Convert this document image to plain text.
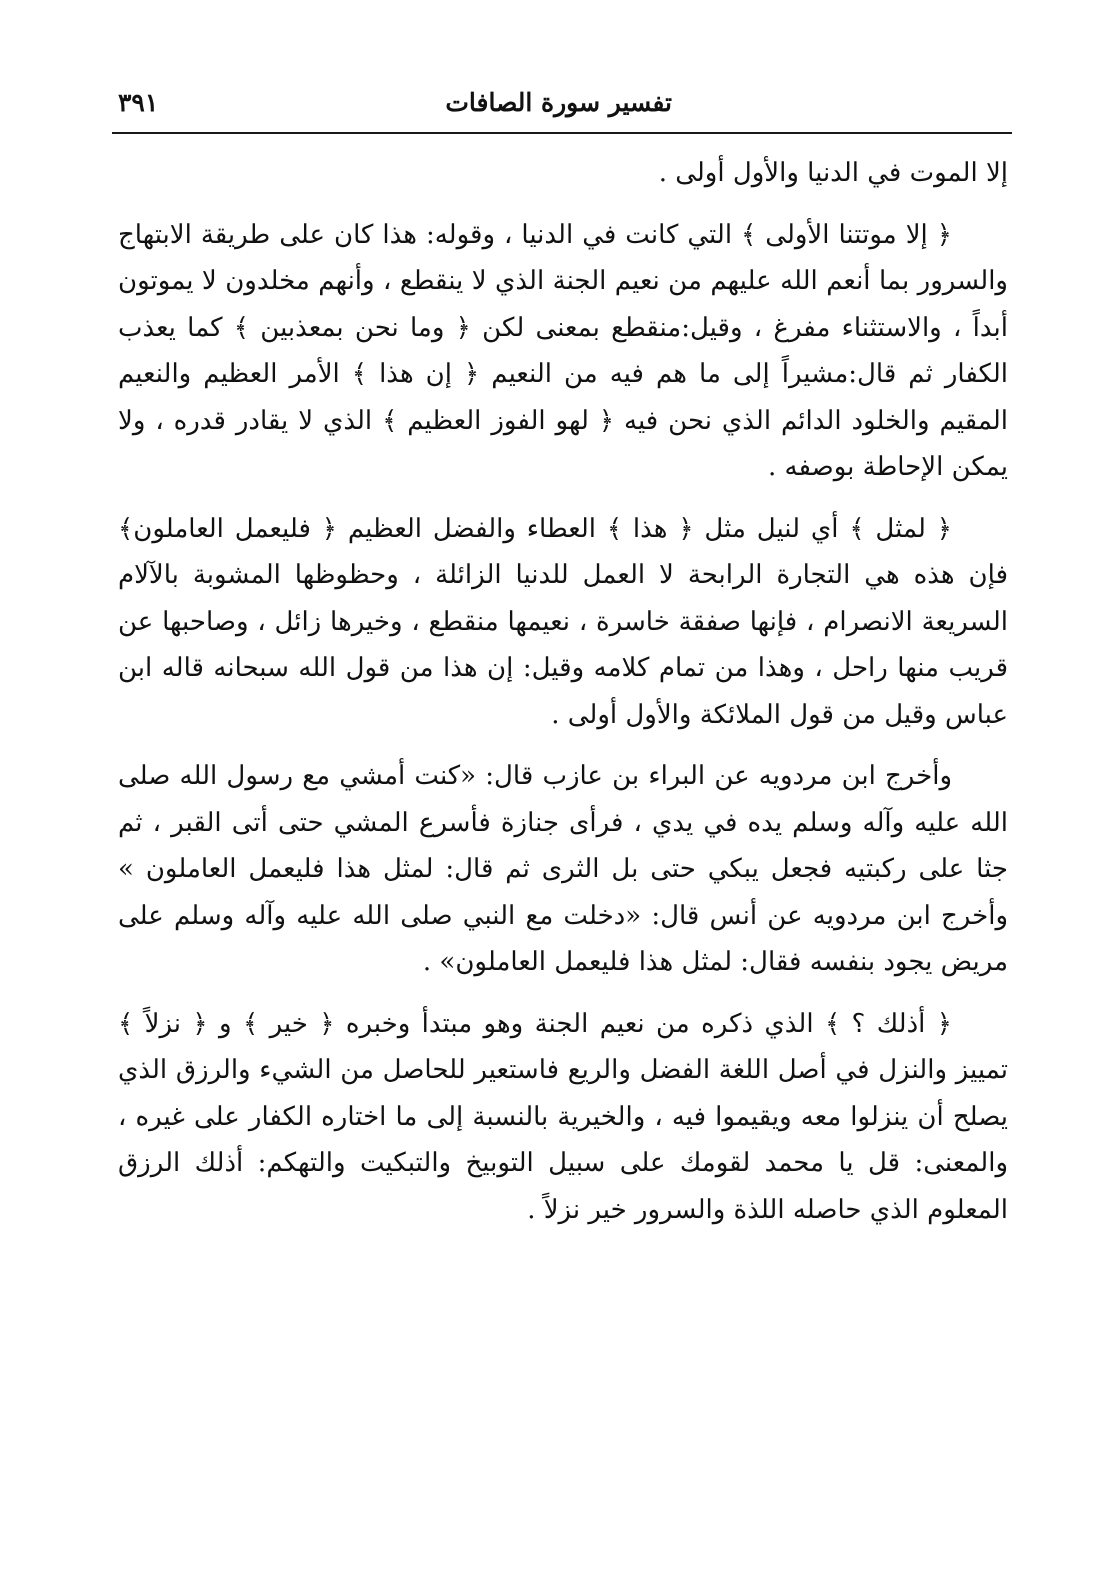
تفسير سورة الصافات
٣٩١

إلا الموت في الدنيا والأول أولى .

﴿ إلا موتتنا الأولى ﴾ التي كانت في الدنيا ، وقوله: هذا كان على طريقة الابتهاج والسرور بما أنعم الله عليهم من نعيم الجنة الذي لا ينقطع ، وأنهم مخلدون لا يموتون أبداً ، والاستثناء مفرغ ، وقيل:منقطع بمعنى لكن ﴿ وما نحن بمعذبين ﴾ كما يعذب الكفار ثم قال:مشيراً إلى ما هم فيه من النعيم ﴿ إن هذا ﴾ الأمر العظيم والنعيم المقيم والخلود الدائم الذي نحن فيه ﴿ لهو الفوز العظيم ﴾ الذي لا يقادر قدره ، ولا يمكن الإحاطة بوصفه .

﴿ لمثل ﴾ أي لنيل مثل ﴿ هذا ﴾ العطاء والفضل العظيم ﴿ فليعمل العاملون﴾ فإن هذه هي التجارة الرابحة لا العمل للدنيا الزائلة ، وحظوظها المشوبة بالآلام السريعة الانصرام ، فإنها صفقة خاسرة ، نعيمها منقطع ، وخيرها زائل ، وصاحبها عن قريب منها راحل ، وهذا من تمام كلامه وقيل: إن هذا من قول الله سبحانه قاله ابن عباس وقيل من قول الملائكة والأول أولى .

وأخرج ابن مردويه عن البراء بن عازب قال: «كنت أمشي مع رسول الله صلى الله عليه وآله وسلم يده في يدي ، فرأى جنازة فأسرع المشي حتى أتى القبر ، ثم جثا على ركبتيه فجعل يبكي حتى بل الثرى ثم قال: لمثل هذا فليعمل العاملون » وأخرج ابن مردويه عن أنس قال: «دخلت مع النبي صلى الله عليه وآله وسلم على مريض يجود بنفسه فقال: لمثل هذا فليعمل العاملون» .

﴿ أذلك ؟ ﴾ الذي ذكره من نعيم الجنة وهو مبتدأ وخبره ﴿ خير ﴾ و ﴿ نزلاً ﴾ تمييز والنزل في أصل اللغة الفضل والريع فاستعير للحاصل من الشيء والرزق الذي يصلح أن ينزلوا معه ويقيموا فيه ، والخيرية بالنسبة إلى ما اختاره الكفار على غيره ، والمعنى: قل يا محمد لقومك على سبيل التوبيخ والتبكيت والتهكم: أذلك الرزق المعلوم الذي حاصله اللذة والسرور خير نزلاً .
